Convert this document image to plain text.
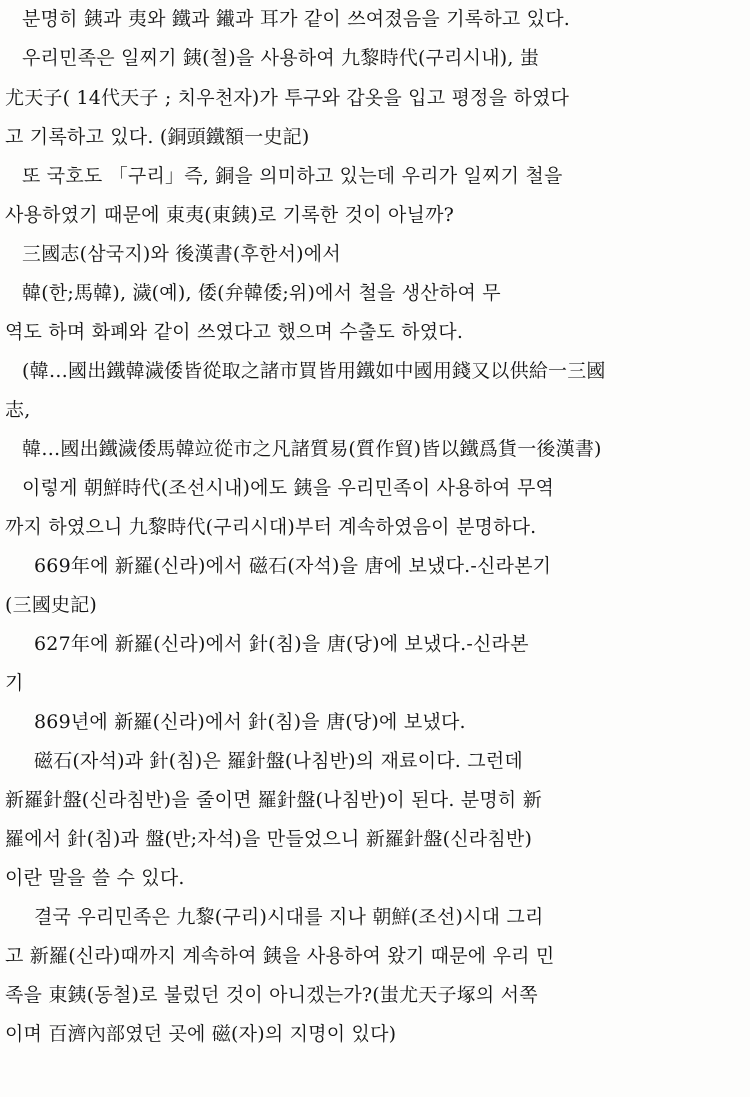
분명히 銕과 夷와 鐵과 䥫과 耳가 같이 쓰여졌음을 기록하고 있다.
우리민족은 일찌기 銕(철)을 사용하여 九黎時代(구리시내), 蚩
尤天子( 14代天子 ; 치우천자)가 투구와 갑옷을 입고 평정을 하였다
고 기록하고 있다. (銅頭鐵額一史記)
또 국호도 「구리」즉, 銅을 의미하고 있는데 우리가 일찌기 철을
사용하였기 때문에 東夷(東銕)로 기록한 것이 아닐까?
三國志(삼국지)와 後漢書(후한서)에서
韓(한;馬韓), 濊(예), 倭(弁韓倭;위)에서 철을 생산하여 무
역도 하며 화폐와 같이 쓰였다고 했으며 수출도 하였다.
(韓…國出鐵韓濊倭皆從取之諸市買皆用鐵如中國用錢又以供給一三國
志,
韓…國出鐵濊倭馬韓竝從市之凡諸質易(質作貿)皆以鐵爲貨一後漢書)
이렇게 朝鮮時代(조선시내)에도 銕을 우리민족이 사용하여 무역
까지 하였으니 九黎時代(구리시대)부터 계속하였음이 분명하다.
669年에 新羅(신라)에서 磁石(자석)을 唐에 보냈다.-신라본기
(三國史記)
627年에 新羅(신라)에서 針(침)을 唐(당)에 보냈다.-신라본
기
869년에 新羅(신라)에서 針(침)을 唐(당)에 보냈다.
磁石(자석)과 針(침)은 羅針盤(나침반)의 재료이다. 그런데
新羅針盤(신라침반)을 줄이면 羅針盤(나침반)이 된다. 분명히 新
羅에서 針(침)과 盤(반;자석)을 만들었으니 新羅針盤(신라침반)
이란 말을 쓸 수 있다.
결국 우리민족은 九黎(구리)시대를 지나 朝鮮(조선)시대 그리
고 新羅(신라)때까지 계속하여 銕을 사용하여 왔기 때문에 우리 민
족을 東銕(동철)로 불렀던 것이 아니겠는가?(蚩尤天子塚의 서쪽
이며 百濟內部였던 곳에 磁(자)의 지명이 있다)
